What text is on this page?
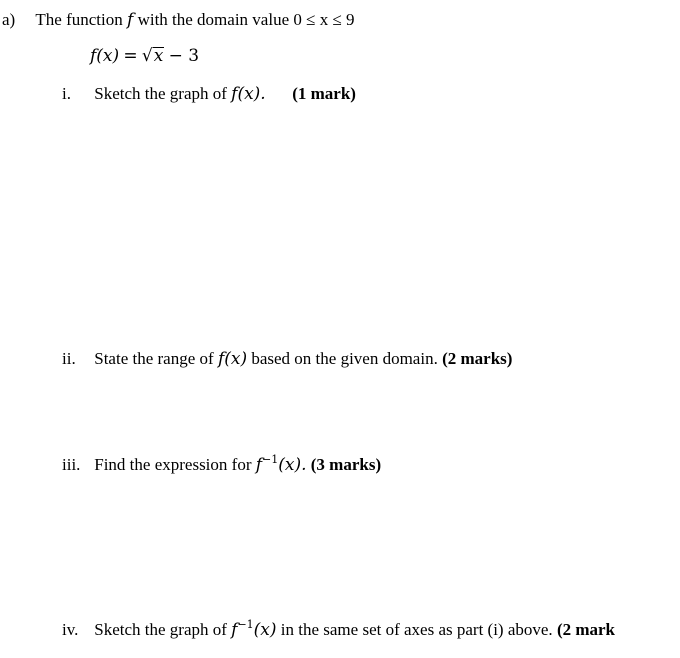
a) The function f with the domain value 0 ≤ x ≤ 9
f(x) = √x − 3
i. Sketch the graph of f(x). (1 mark)
ii. State the range of f(x) based on the given domain. (2 marks)
iii. Find the expression for $f^{-1}(x)$. (3 marks)
iv. Sketch the graph of $f^{-1}(x)$ in the same set of axes as part (i) above. (2 mark
